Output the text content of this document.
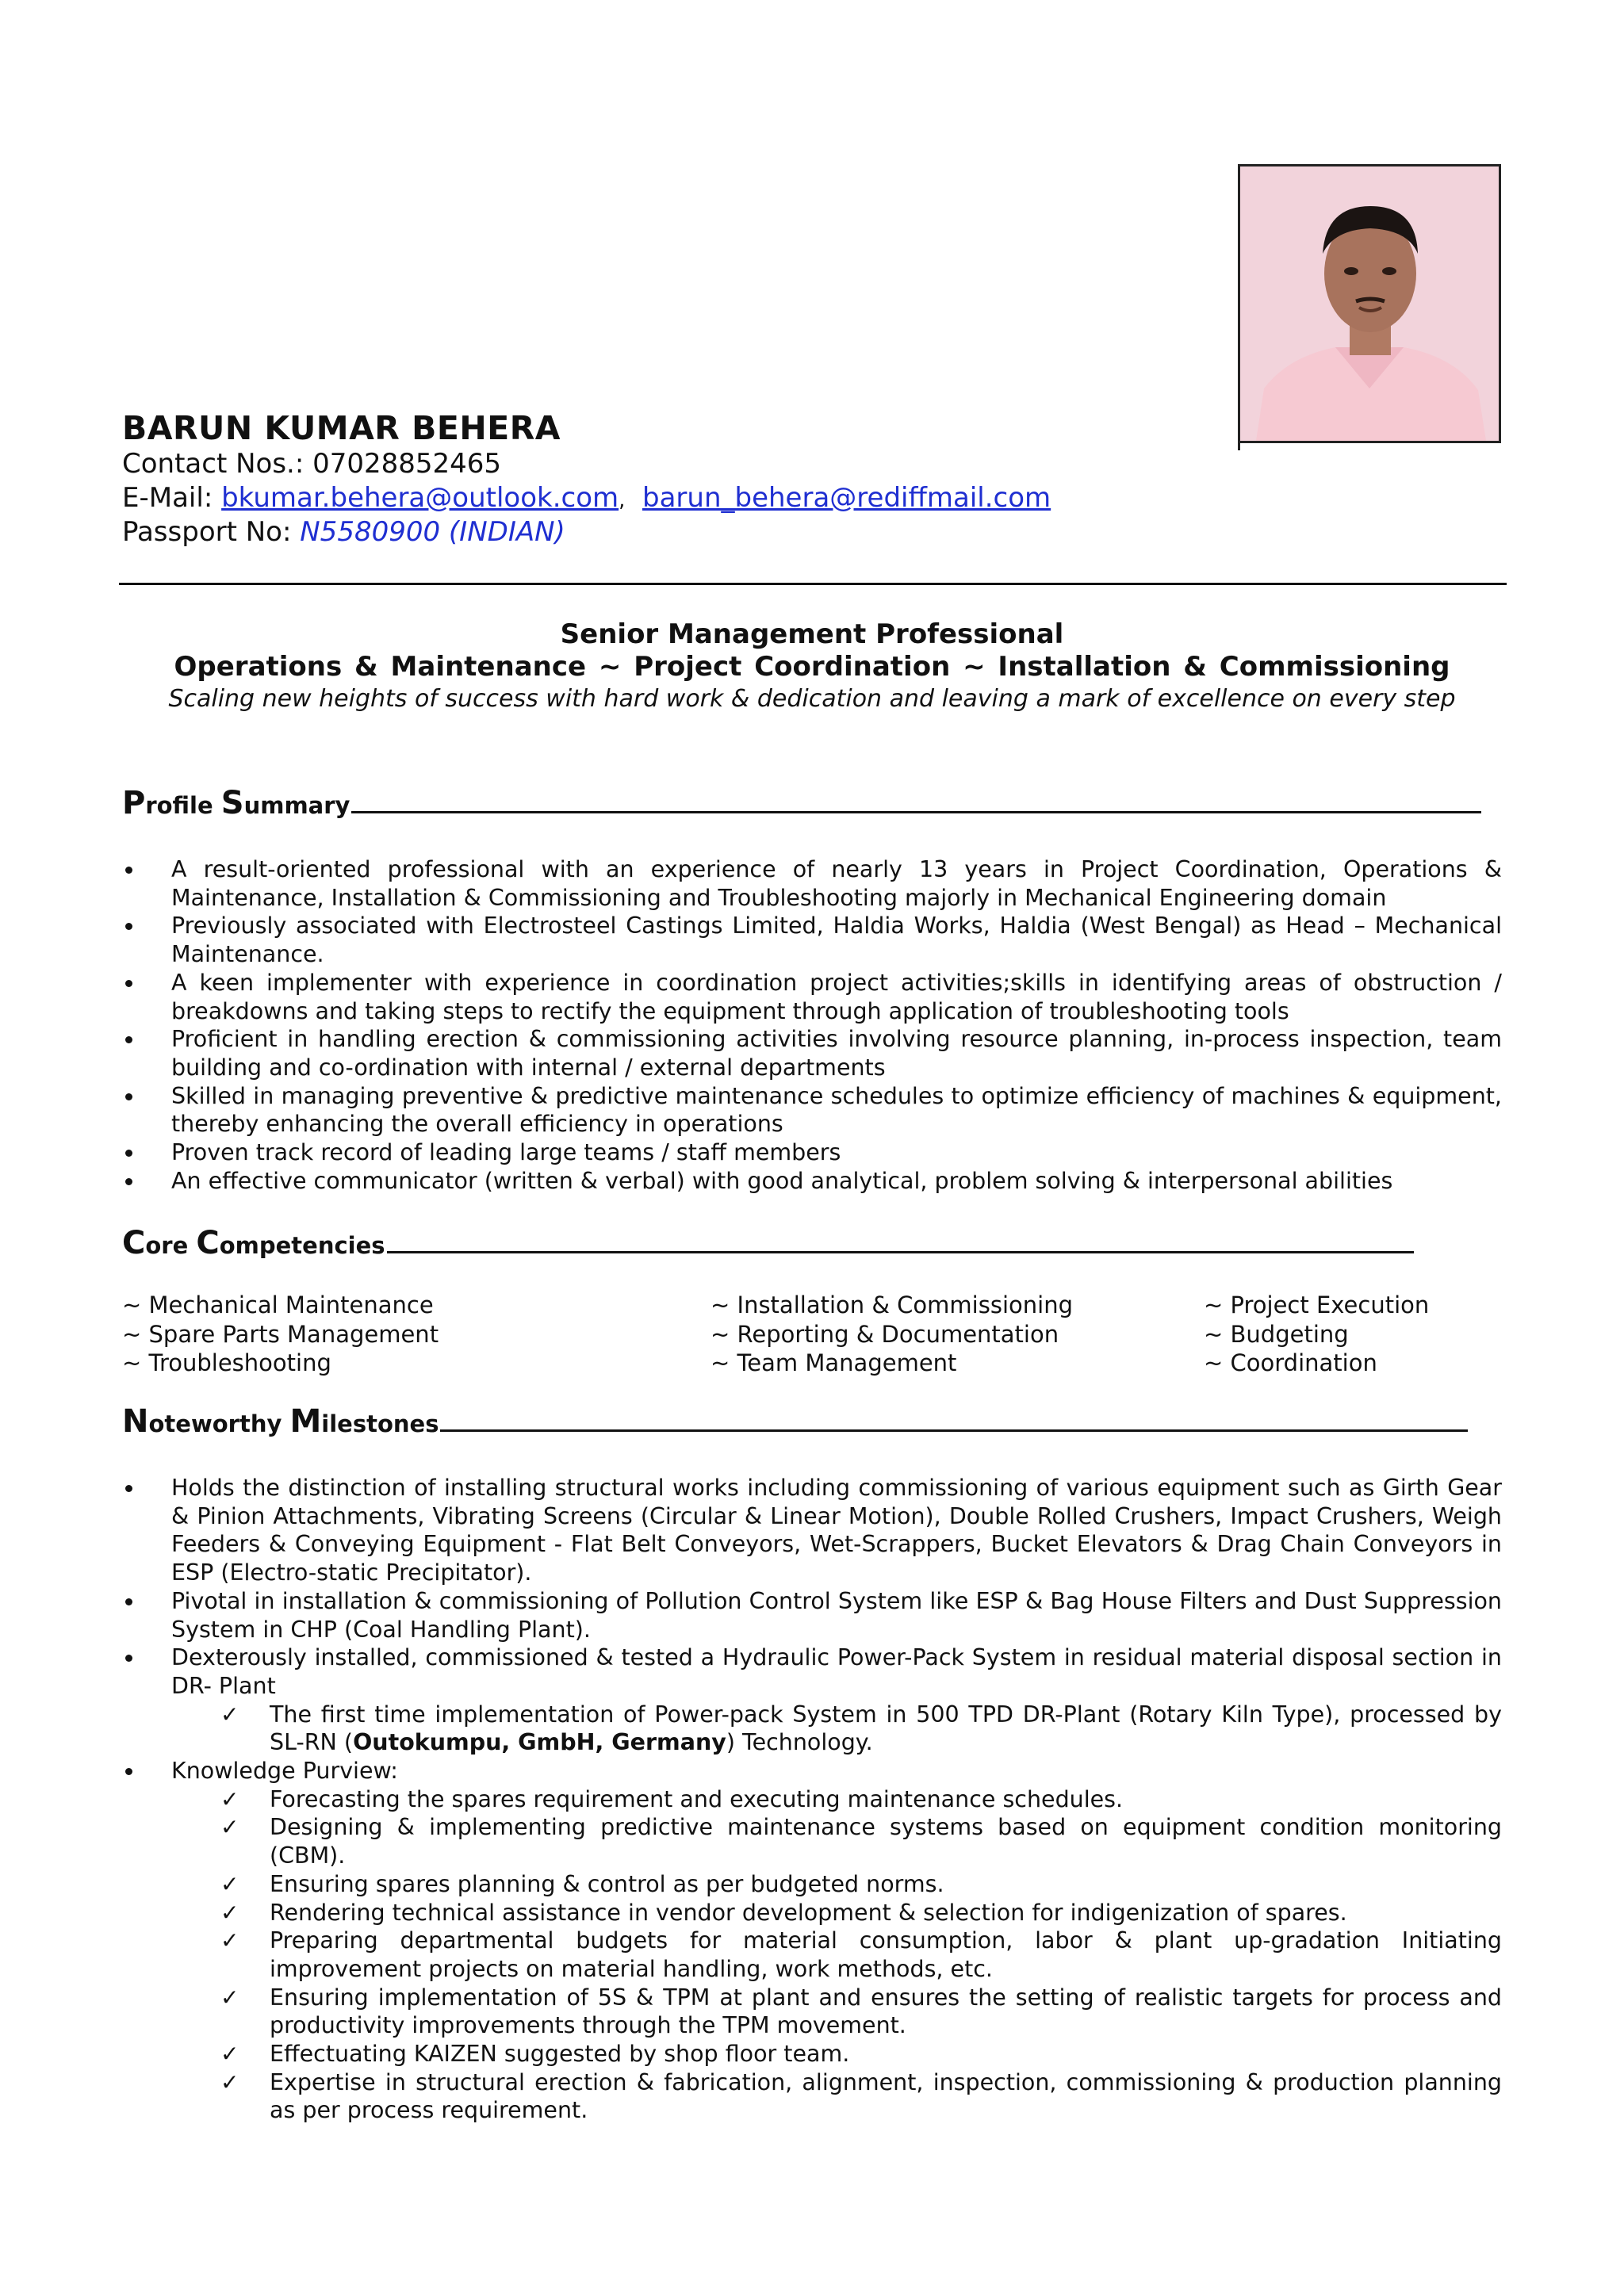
BARUN KUMAR BEHERA
Contact Nos.: 07028852465
E-Mail: bkumar.behera@outlook.com, barun_behera@rediffmail.com
Passport No: N5580900 (INDIAN)
Senior Management Professional
Operations & Maintenance ~ Project Coordination ~ Installation & Commissioning
Scaling new heights of success with hard work & dedication and leaving a mark of excellence on every step
Profile Summary
A result-oriented professional with an experience of nearly 13 years in Project Coordination, Operations & Maintenance, Installation & Commissioning and Troubleshooting majorly in Mechanical Engineering domain
Previously associated with Electrosteel Castings Limited, Haldia Works, Haldia (West Bengal) as Head – Mechanical Maintenance.
A keen implementer with experience in coordination project activities;skills in identifying areas of obstruction / breakdowns and taking steps to rectify the equipment through application of troubleshooting tools
Proficient in handling erection & commissioning activities involving resource planning, in-process inspection, team building and co-ordination with internal / external departments
Skilled in managing preventive & predictive maintenance schedules to optimize efficiency of machines & equipment, thereby enhancing the overall efficiency in operations
Proven track record of leading large teams / staff members
An effective communicator (written & verbal) with good analytical, problem solving & interpersonal abilities
Core Competencies
~ Mechanical Maintenance
~ Spare Parts Management
~ Troubleshooting
~ Installation & Commissioning
~ Reporting & Documentation
~ Team Management
~ Project Execution
~ Budgeting
~ Coordination
Noteworthy Milestones
Holds the distinction of installing structural works including commissioning of various equipment such as Girth Gear & Pinion Attachments, Vibrating Screens (Circular & Linear Motion), Double Rolled Crushers, Impact Crushers, Weigh Feeders & Conveying Equipment - Flat Belt Conveyors, Wet-Scrappers, Bucket Elevators & Drag Chain Conveyors in ESP (Electro-static Precipitator).
Pivotal in installation & commissioning of Pollution Control System like ESP & Bag House Filters and Dust Suppression System in CHP (Coal Handling Plant).
Dexterously installed, commissioned & tested a Hydraulic Power-Pack System in residual material disposal section in DR- Plant
✓ The first time implementation of Power-pack System in 500 TPD DR-Plant (Rotary Kiln Type), processed by SL-RN (Outokumpu, GmbH, Germany) Technology.
Knowledge Purview:
✓ Forecasting the spares requirement and executing maintenance schedules.
✓ Designing & implementing predictive maintenance systems based on equipment condition monitoring (CBM).
✓ Ensuring spares planning & control as per budgeted norms.
✓ Rendering technical assistance in vendor development & selection for indigenization of spares.
✓ Preparing departmental budgets for material consumption, labor & plant up-gradation Initiating improvement projects on material handling, work methods, etc.
✓ Ensuring implementation of 5S & TPM at plant and ensures the setting of realistic targets for process and productivity improvements through the TPM movement.
✓ Effectuating KAIZEN suggested by shop floor team.
✓ Expertise in structural erection & fabrication, alignment, inspection, commissioning & production planning as per process requirement.
